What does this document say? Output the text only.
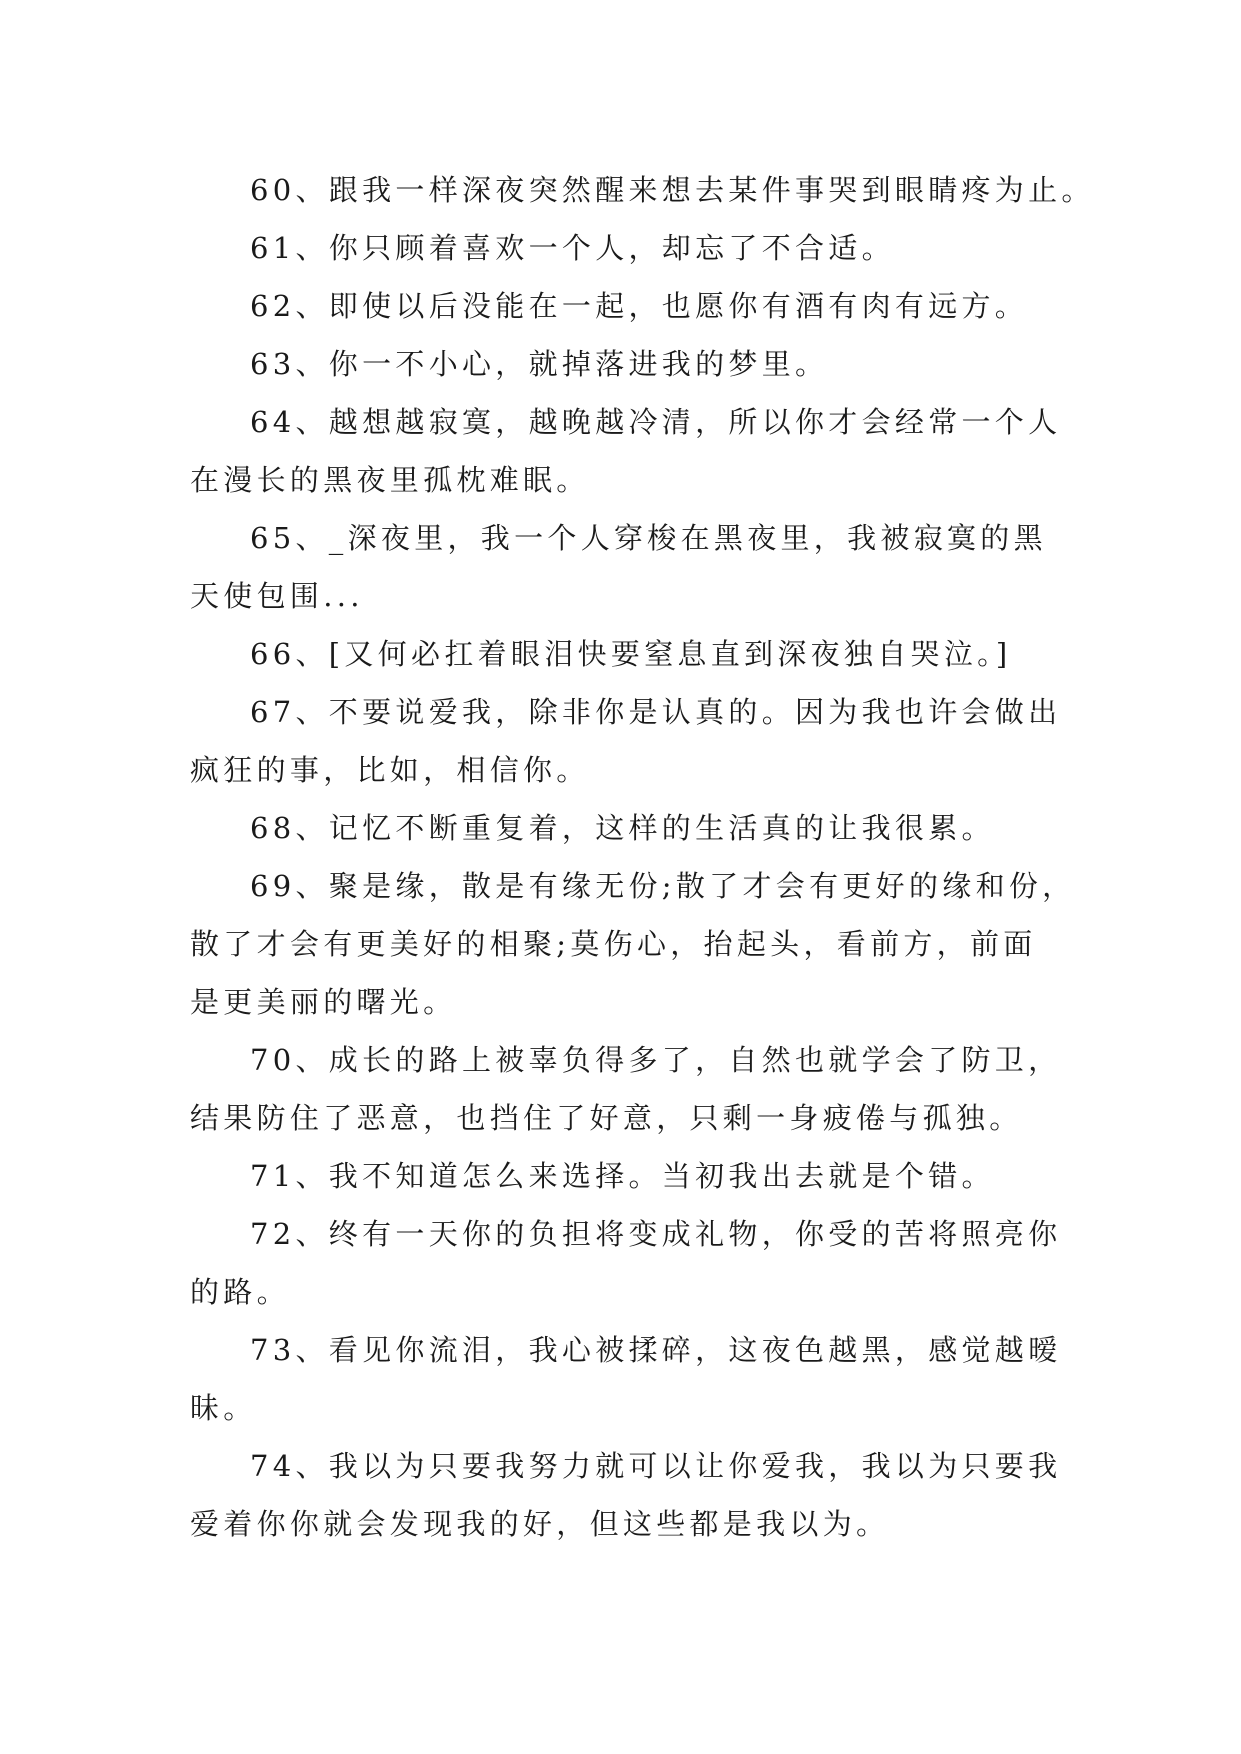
60、跟我一样深夜突然醒来想去某件事哭到眼睛疼为止。

61、你只顾着喜欢一个人，却忘了不合适。

62、即使以后没能在一起，也愿你有酒有肉有远方。

63、你一不小心，就掉落进我的梦里。

64、越想越寂寞，越晚越冷清，所以你才会经常一个人
在漫长的黑夜里孤枕难眠。

65、_深夜里，我一个人穿梭在黑夜里，我被寂寞的黑
天使包围...

66、[又何必扛着眼泪快要窒息直到深夜独自哭泣。]

67、不要说爱我，除非你是认真的。因为我也许会做出
疯狂的事，比如，相信你。

68、记忆不断重复着，这样的生活真的让我很累。

69、聚是缘，散是有缘无份;散了才会有更好的缘和份，
散了才会有更美好的相聚;莫伤心，抬起头，看前方，前面
是更美丽的曙光。

70、成长的路上被辜负得多了，自然也就学会了防卫，
结果防住了恶意，也挡住了好意，只剩一身疲倦与孤独。

71、我不知道怎么来选择。当初我出去就是个错。

72、终有一天你的负担将变成礼物，你受的苦将照亮你
的路。

73、看见你流泪，我心被揉碎，这夜色越黑，感觉越暧
昧。

74、我以为只要我努力就可以让你爱我，我以为只要我
爱着你你就会发现我的好，但这些都是我以为。
